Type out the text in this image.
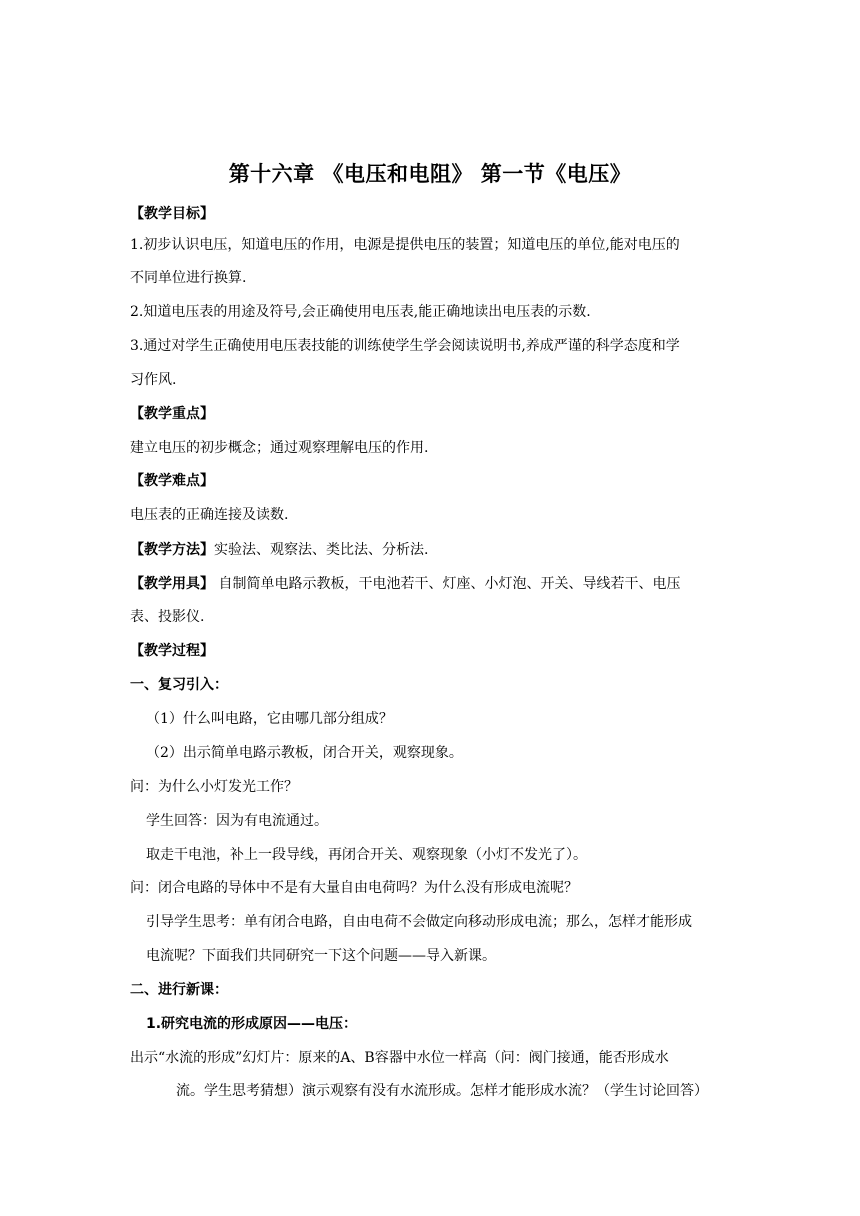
第十六章 《电压和电阻》 第一节《电压》
【教学目标】
1.初步认识电压，知道电压的作用，电源是提供电压的装置；知道电压的单位,能对电压的
不同单位进行换算.
2.知道电压表的用途及符号,会正确使用电压表,能正确地读出电压表的示数.
3.通过对学生正确使用电压表技能的训练使学生学会阅读说明书,养成严谨的科学态度和学
习作风.
【教学重点】
建立电压的初步概念；通过观察理解电压的作用.
【教学难点】
电压表的正确连接及读数.
【教学方法】实验法、观察法、类比法、分析法.
【教学用具】 自制简单电路示教板，干电池若干、灯座、小灯泡、开关、导线若干、电压
表、投影仪.
【教学过程】
一、复习引入：
（1）什么叫电路，它由哪几部分组成？
（2）出示简单电路示教板，闭合开关，观察现象。
问：为什么小灯发光工作？
学生回答：因为有电流通过。
取走干电池，补上一段导线，再闭合开关、观察现象（小灯不发光了）。
问：闭合电路的导体中不是有大量自由电荷吗？为什么没有形成电流呢？
引导学生思考：单有闭合电路，自由电荷不会做定向移动形成电流；那么，怎样才能形成
电流呢？下面我们共同研究一下这个问题——导入新课。
二、进行新课：
1.研究电流的形成原因——电压：
出示“水流的形成”幻灯片：原来的A、B容器中水位一样高（问：阀门接通，能否形成水
流。学生思考猜想）演示观察有没有水流形成。怎样才能形成水流？（学生讨论回答）
